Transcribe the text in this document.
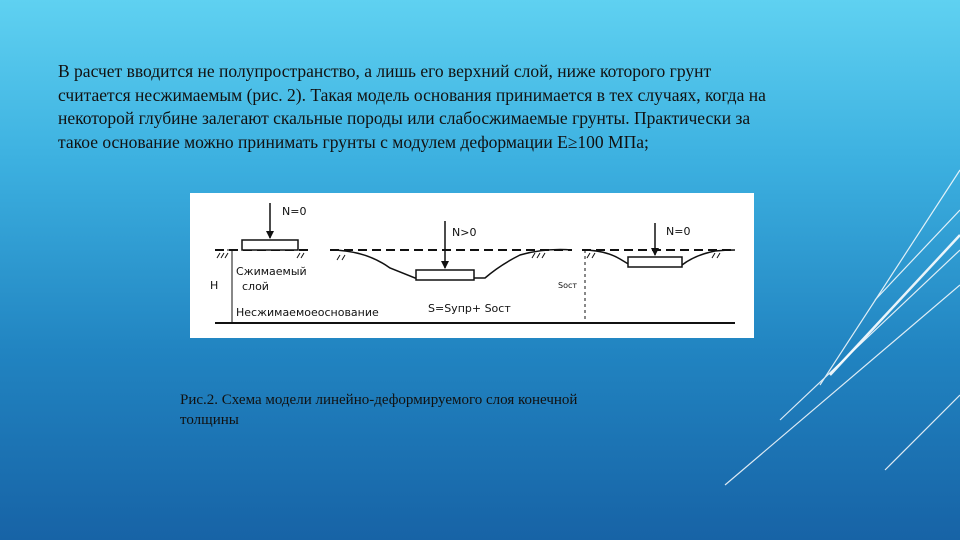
В расчет вводится не полупространство, а лишь его верхний слой, ниже которого грунт
считается несжимаемым (рис. 2). Такая модель основания принимается в тех случаях, когда на
некоторой глубине залегают скальные породы или слабосжимаемые грунты. Практически за
такое основание можно принимать грунты с модулем деформации Е≥100 МПа;
N=0
H
Сжимаемый
слой
Несжимаемоеоснование
N>0
S=Sупр+ Sост
Sост
N=0
Рис.2. Схема модели линейно-деформируемого слоя конечной
толщины
